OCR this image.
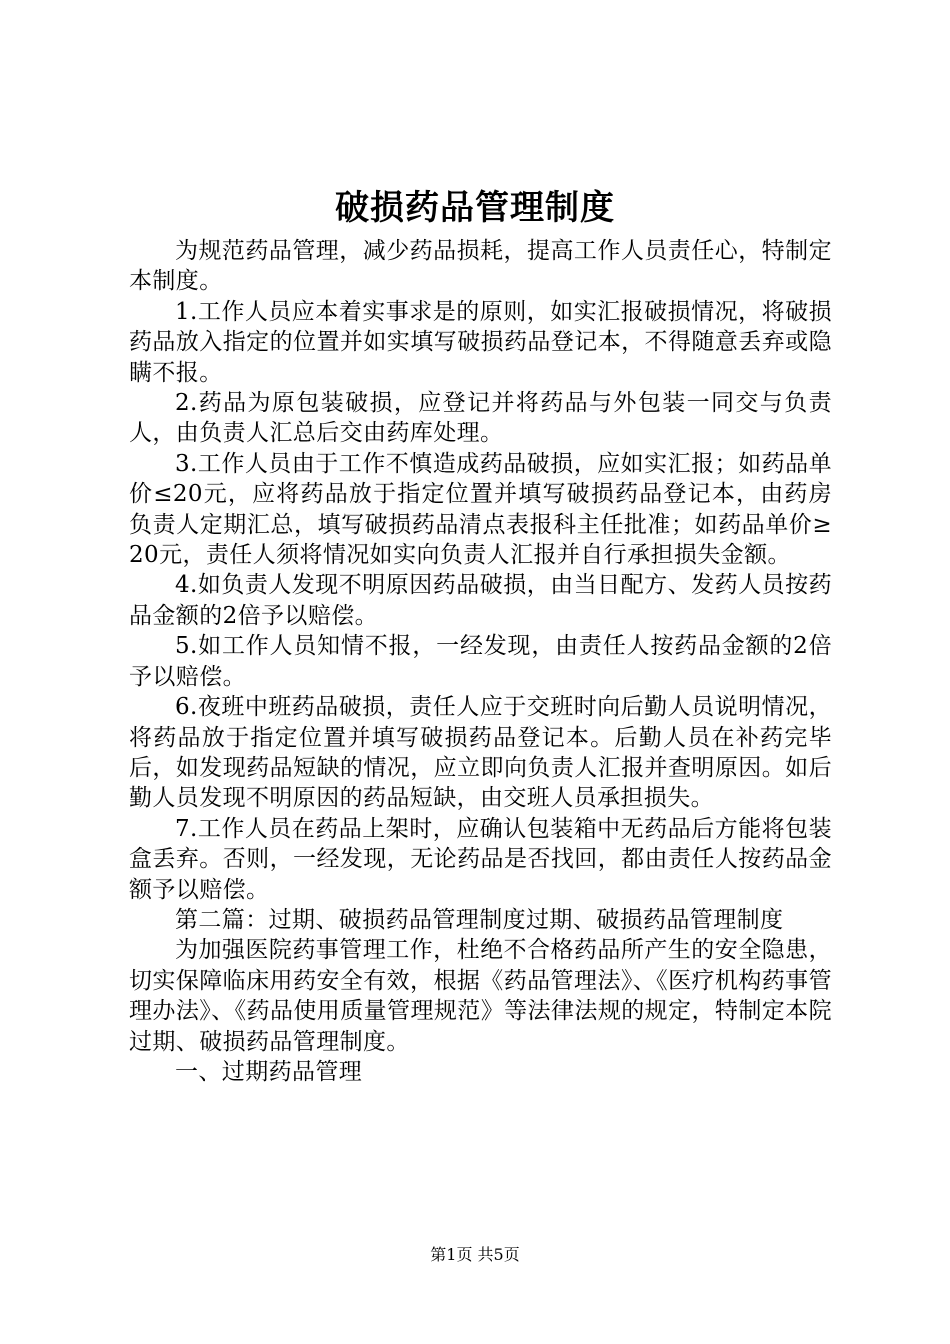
破损药品管理制度

为规范药品管理，减少药品损耗，提高工作人员责任心，特制定本制度。

1.工作人员应本着实事求是的原则，如实汇报破损情况，将破损药品放入指定的位置并如实填写破损药品登记本，不得随意丢弃或隐瞒不报。

2.药品为原包装破损，应登记并将药品与外包装一同交与负责人，由负责人汇总后交由药库处理。

3.工作人员由于工作不慎造成药品破损，应如实汇报；如药品单价≤20元，应将药品放于指定位置并填写破损药品登记本，由药房负责人定期汇总，填写破损药品清点表报科主任批准；如药品单价≥20元，责任人须将情况如实向负责人汇报并自行承担损失金额。

4.如负责人发现不明原因药品破损，由当日配方、发药人员按药品金额的2倍予以赔偿。

5.如工作人员知情不报，一经发现，由责任人按药品金额的2倍予以赔偿。

6.夜班中班药品破损，责任人应于交班时向后勤人员说明情况，将药品放于指定位置并填写破损药品登记本。后勤人员在补药完毕后，如发现药品短缺的情况，应立即向负责人汇报并查明原因。如后勤人员发现不明原因的药品短缺，由交班人员承担损失。

7.工作人员在药品上架时，应确认包装箱中无药品后方能将包装盒丢弃。否则，一经发现，无论药品是否找回，都由责任人按药品金额予以赔偿。

第二篇：过期、破损药品管理制度过期、破损药品管理制度

为加强医院药事管理工作，杜绝不合格药品所产生的安全隐患，切实保障临床用药安全有效，根据《药品管理法》、《医疗机构药事管理办法》、《药品使用质量管理规范》等法律法规的规定，特制定本院过期、破损药品管理制度。

一、过期药品管理

第1页 共5页
